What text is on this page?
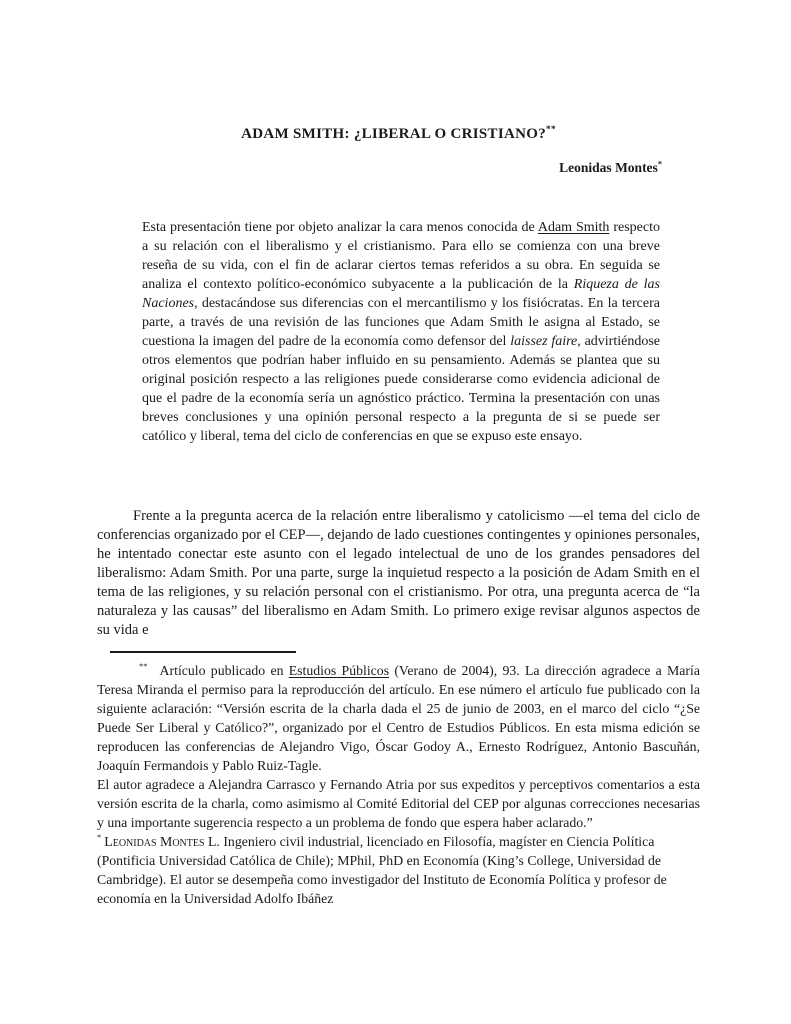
ADAM SMITH: ¿LIBERAL O CRISTIANO?**
Leonidas Montes*

Esta presentación tiene por objeto analizar la cara menos conocida de Adam Smith respecto a su relación con el liberalismo y el cristianismo. Para ello se comienza con una breve reseña de su vida, con el fin de aclarar ciertos temas referidos a su obra. En seguida se analiza el contexto político-económico subyacente a la publicación de la Riqueza de las Naciones, destacándose sus diferencias con el mercantilismo y los fisiócratas. En la tercera parte, a través de una revisión de las funciones que Adam Smith le asigna al Estado, se cuestiona la imagen del padre de la economía como defensor del laissez faire, advirtiéndose otros elementos que podrían haber influido en su pensamiento. Además se plantea que su original posición respecto a las religiones puede considerarse como evidencia adicional de que el padre de la economía sería un agnóstico práctico. Termina la presentación con unas breves conclusiones y una opinión personal respecto a la pregunta de si se puede ser católico y liberal, tema del ciclo de conferencias en que se expuso este ensayo.

Frente a la pregunta acerca de la relación entre liberalismo y catolicismo —el tema del ciclo de conferencias organizado por el CEP—, dejando de lado cuestiones contingentes y opiniones personales, he intentado conectar este asunto con el legado intelectual de uno de los grandes pensadores del liberalismo: Adam Smith. Por una parte, surge la inquietud respecto a la posición de Adam Smith en el tema de las religiones, y su relación personal con el cristianismo. Por otra, una pregunta acerca de “la naturaleza y las causas” del liberalismo en Adam Smith. Lo primero exige revisar algunos aspectos de su vida e

** Artículo publicado en Estudios Públicos (Verano de 2004), 93. La dirección agradece a María Teresa Miranda el permiso para la reproducción del artículo. En ese número el artículo fue publicado con la siguiente aclaración: “Versión escrita de la charla dada el 25 de junio de 2003, en el marco del ciclo “¿Se Puede Ser Liberal y Católico?”, organizado por el Centro de Estudios Públicos. En esta misma edición se reproducen las conferencias de Alejandro Vigo, Óscar Godoy A., Ernesto Rodríguez, Antonio Bascuñán, Joaquín Fermandois y Pablo Ruiz-Tagle.

El autor agradece a Alejandra Carrasco y Fernando Atria por sus expeditos y perceptivos comentarios a esta versión escrita de la charla, como asimismo al Comité Editorial del CEP por algunas correcciones necesarias y una importante sugerencia respecto a un problema de fondo que espera haber aclarado.”

* Leonidas Montes L. Ingeniero civil industrial, licenciado en Filosofía, magíster en Ciencia Política (Pontificia Universidad Católica de Chile); MPhil, PhD en Economía (King’s College, Universidad de Cambridge). El autor se desempeña como investigador del Instituto de Economía Política y profesor de economía en la Universidad Adolfo Ibáñez
